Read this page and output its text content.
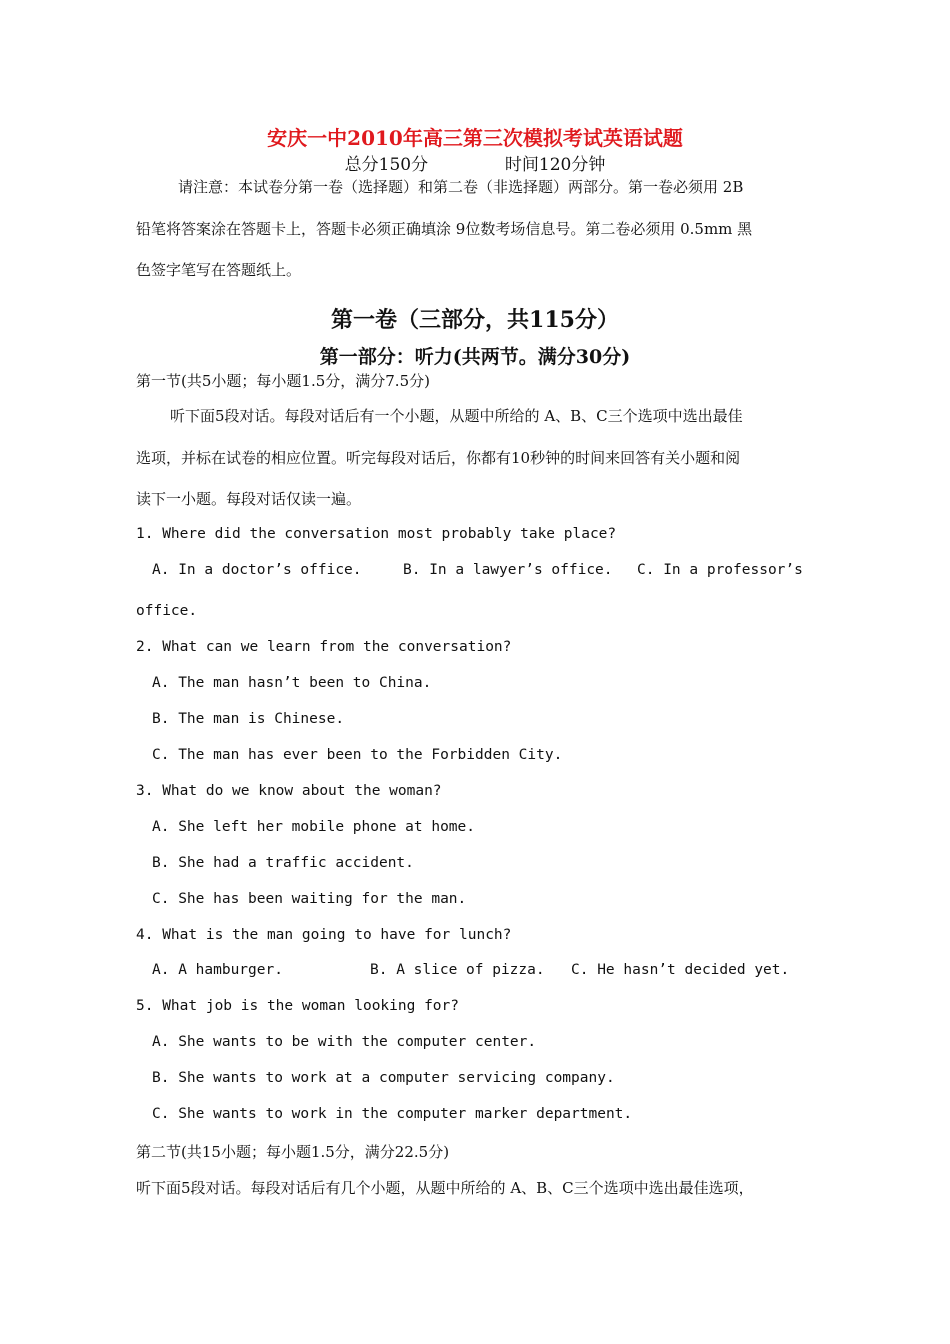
安庆一中2010年高三第三次模拟考试英语试题
总分150分	时间120分钟
请注意：本试卷分第一卷（选择题）和第二卷（非选择题）两部分。第一卷必须用 2B
铅笔将答案涂在答题卡上，答题卡必须正确填涂 9位数考场信息号。第二卷必须用 0.5mm 黑
色签字笔写在答题纸上。
第一卷（三部分，共115分）
第一部分：听力(共两节。满分30分)
第一节(共5小题；每小题1.5分，满分7.5分)
听下面5段对话。每段对话后有一个小题，从题中所给的 A、B、C三个选项中选出最佳
选项，并标在试卷的相应位置。听完每段对话后，你都有10秒钟的时间来回答有关小题和阅
读下一小题。每段对话仅读一遍。
1. Where did the conversation most probably take place?
A. In a doctor’s office.	B. In a lawyer’s office. C. In a professor’s
office.
2. What can we learn from the conversation?
A. The man hasn’t been to China.
B. The man is Chinese.
C. The man has ever been to the Forbidden City.
3. What do we know about the woman?
A. She left her mobile phone at home.
B. She had a traffic accident.
C. She has been waiting for the man.
4. What is the man going to have for lunch?
A. A hamburger.	B. A slice of pizza. C. He hasn’t decided yet.
5. What job is the woman looking for?
A. She wants to be with the computer center.
B. She wants to work at a computer servicing company.
C. She wants to work in the computer marker department.
第二节(共15小题；每小题1.5分，满分22.5分)
听下面5段对话。每段对话后有几个小题，从题中所给的 A、B、C三个选项中选出最佳选项，
